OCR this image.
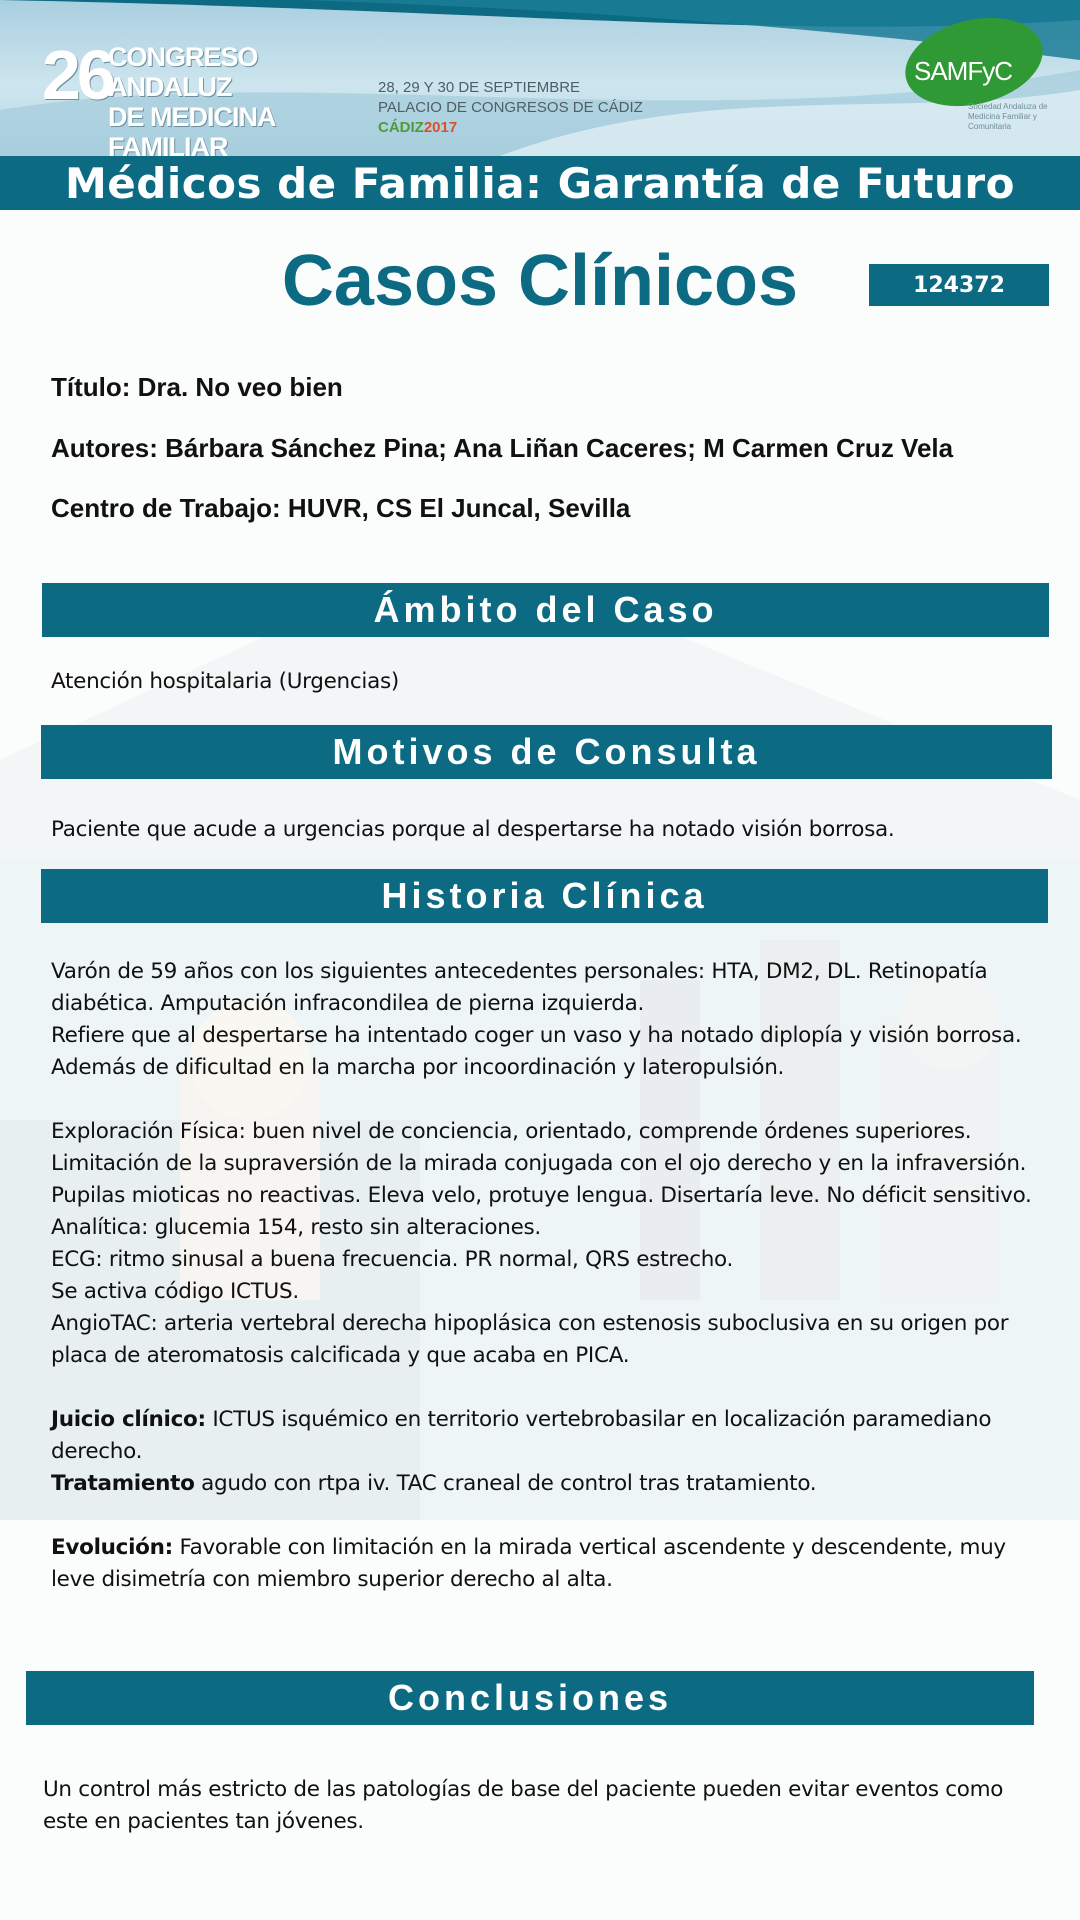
26
CONGRESO ANDALUZ
DE MEDICINA FAMILIAR
28, 29 Y 30 DE SEPTIEMBRE
PALACIO DE CONGRESOS DE CÁDIZ
CÁDIZ2017
SAMFyC
Sociedad Andaluza de Medicina Familiar y Comunitaria
Médicos de Familia: Garantía de Futuro
Casos Clínicos	124372
Título: Dra. No veo bien
Autores: Bárbara Sánchez Pina; Ana Liñan Caceres; M Carmen Cruz Vela
Centro de Trabajo: HUVR, CS El Juncal, Sevilla
Ámbito del Caso
Atención hospitalaria (Urgencias)
Motivos de Consulta
Paciente que acude a urgencias porque al despertarse ha notado visión borrosa.
Historia Clínica

Varón de 59 años con los siguientes antecedentes personales: HTA, DM2, DL. Retinopatía diabética. Amputación infracondilea de pierna izquierda.

Refiere que al despertarse ha intentado coger un vaso y ha notado diplopía y visión borrosa. Además de dificultad en la marcha por incoordinación y lateropulsión.

Exploración Física: buen nivel de conciencia, orientado, comprende órdenes superiores. Limitación de la supraversión de la mirada conjugada con el ojo derecho y en la infraversión. Pupilas mioticas no reactivas. Eleva velo, protuye lengua. Disertaría leve. No déficit sensitivo.

Analítica: glucemia 154, resto sin alteraciones.

ECG: ritmo sinusal a buena frecuencia. PR normal, QRS estrecho.

Se activa código ICTUS.

AngioTAC: arteria vertebral derecha hipoplásica con estenosis suboclusiva en su origen por placa de ateromatosis calcificada y que acaba en PICA.

Juicio clínico: ICTUS isquémico en territorio vertebrobasilar en localización paramediano derecho.

Tratamiento agudo con rtpa iv. TAC craneal de control tras tratamiento.

Evolución: Favorable con limitación en la mirada vertical ascendente y descendente, muy leve disimetría con miembro superior derecho al alta.

Conclusiones
Un control más estricto de las patologías de base del paciente pueden evitar eventos como este en pacientes tan jóvenes.
